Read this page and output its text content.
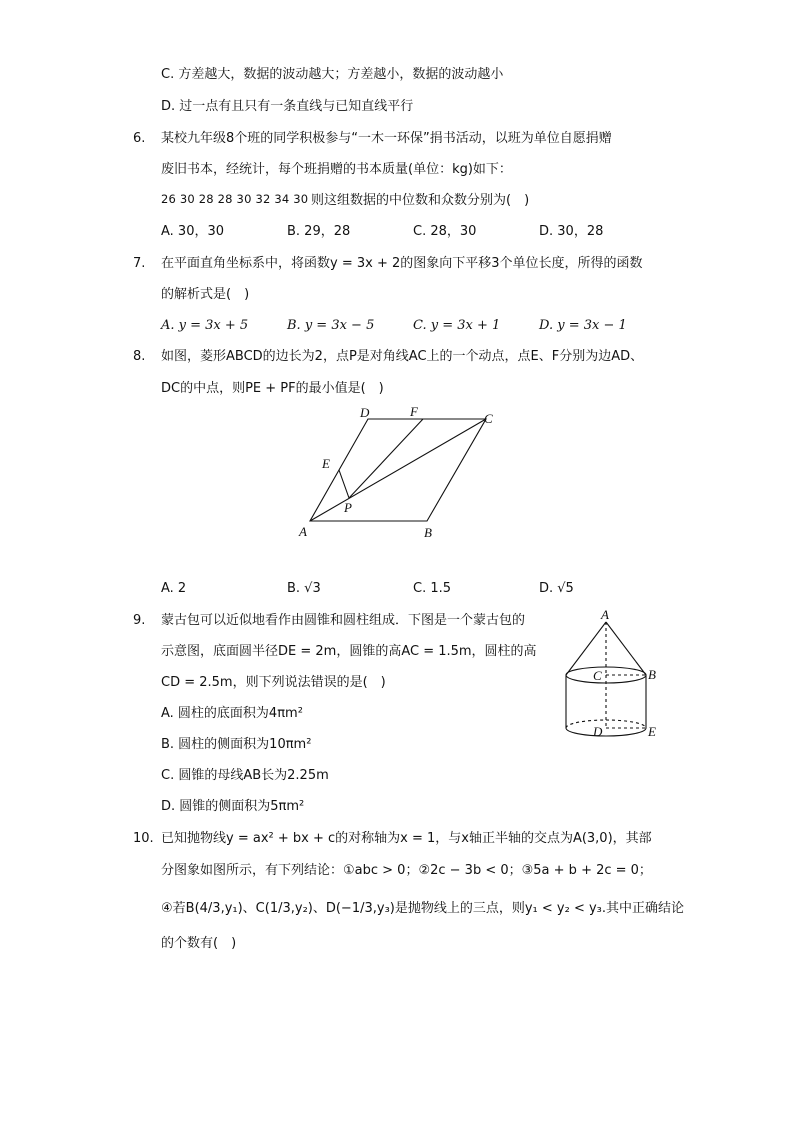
C. 方差越大，数据的波动越大；方差越小，数据的波动越小
D. 过一点有且只有一条直线与已知直线平行
6. 某校九年级8个班的同学积极参与“一木一环保”捐书活动，以班为单位自愿捐赠
废旧书本，经统计，每个班捐赠的书本质量(单位：kg)如下：
26 30 28 28 30 32 34 30 则这组数据的中位数和众数分别为(　)
A. 30，30	B. 29，28	C. 28，30	D. 30，28
7. 在平面直角坐标系中，将函数y = 3x + 2的图象向下平移3个单位长度，所得的函数
的解析式是(　)
A. y = 3x + 5	B. y = 3x − 5	C. y = 3x + 1	D. y = 3x − 1
8. 如图，菱形ABCD的边长为2，点P是对角线AC上的一个动点，点E、F分别为边AD、
DC的中点，则PE + PF的最小值是(　)
A	B
C
D
E
F
P
A. 2	B. √3	C. 1.5	D. √5
9. 蒙古包可以近似地看作由圆锥和圆柱组成．下图是一个蒙古包的
示意图，底面圆半径DE = 2m，圆锥的高AC = 1.5m，圆柱的高
CD = 2.5m，则下列说法错误的是(　)
A. 圆柱的底面积为4πm²
B. 圆柱的侧面积为10πm²
C. 圆锥的母线AB长为2.25m
D. 圆锥的侧面积为5πm²
A
B
C
D	E
10. 已知抛物线y = ax² + bx + c的对称轴为x = 1，与x轴正半轴的交点为A(3,0)，其部
分图象如图所示，有下列结论：①abc > 0；②2c − 3b < 0；③5a + b + 2c = 0；
④若B(4/3,y₁)、C(1/3,y₂)、D(−1/3,y₃)是抛物线上的三点，则y₁ < y₂ < y₃.其中正确结论
的个数有(　)
